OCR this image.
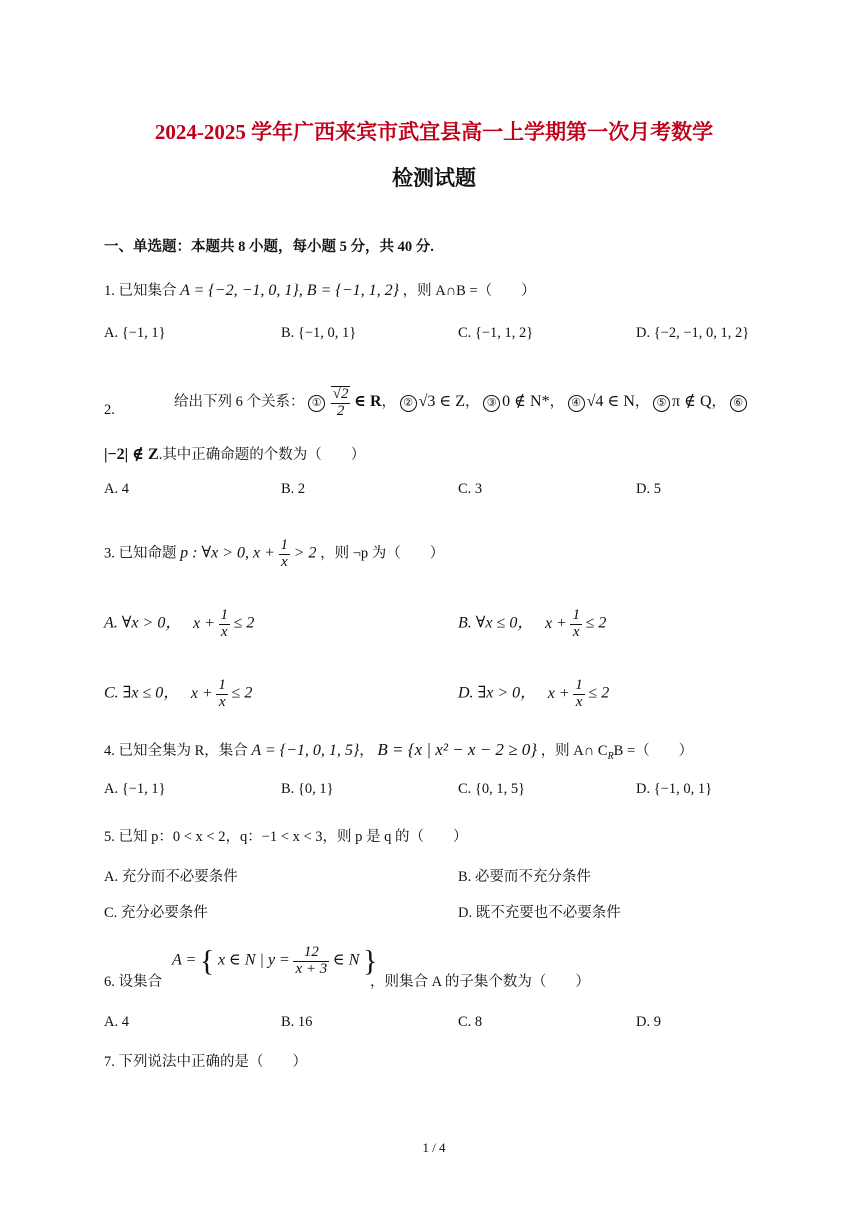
2024-2025 学年广西来宾市武宜县高一上学期第一次月考数学
检测试题
一、单选题：本题共 8 小题，每小题 5 分，共 40 分.
1. 已知集合 A = {−2, −1, 0, 1}, B = {−1, 1, 2} ，则 A∩B =（　　）
A. {−1, 1}	B. {−1, 0, 1}	C. {−1, 1, 2}	D. {−2, −1, 0, 1, 2}
2.	给出下列 6 个关系： ① $\frac{√2}{2}$ ∈ R， ② √3 ∈ Z， ③ 0 ∉ N*， ④ √4 ∈ N， ⑤ π ∉ Q， ⑥
|−2| ∉ Z.其中正确命题的个数为（　　）
A. 4	B. 2	C. 3	D. 5
3. 已知命题 p : ∀x > 0, $x + \frac{1}{x} > 2$ ，则 ¬p 为（　　）
A. ∀x > 0， $x + \frac{1}{x} \le 2$	B. ∀x ≤ 0， $x + \frac{1}{x} \le 2$
C. ∃x ≤ 0， $x + \frac{1}{x} \le 2$	D. ∃x > 0， $x + \frac{1}{x} \le 2$
4. 已知全集为 R，集合 A = {−1, 0, 1, 5}， B = {x | x² − x − 2 ≥ 0} ，则 A∩ $C_RB$ =（　　）
A. {−1, 1}	B. {0, 1}	C. {0, 1, 5}	D. {−1, 0, 1}
5. 已知 p：0 < x < 2，q：−1 < x < 3，则 p 是 q 的（　　）
A. 充分而不必要条件	B. 必要而不充分条件
C. 充分必要条件	D. 既不充要也不必要条件
6. 设集合
A = { x ∈ N | $y = \frac{12}{x + 3}$ ∈ N }
，则集合 A 的子集个数为（　　）
A. 4	B. 16	C. 8	D. 9
7. 下列说法中正确的是（　　）
1 / 4
